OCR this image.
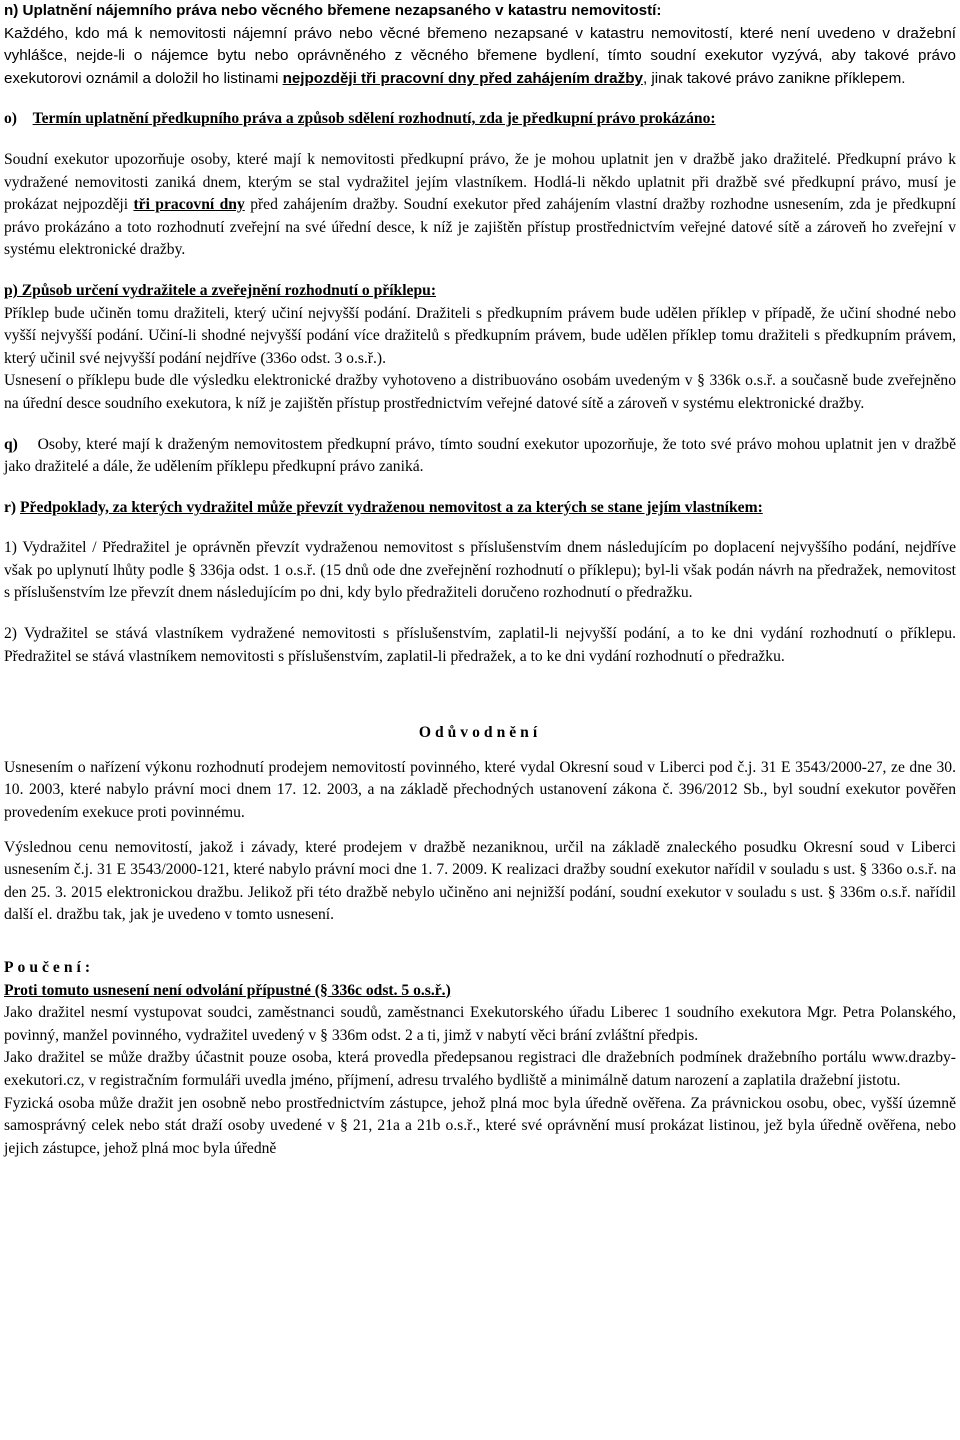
n) Uplatnění nájemního práva nebo věcného břemene nezapsaného v katastru nemovitostí:

Každého, kdo má k nemovitosti nájemní právo nebo věcné břemeno nezapsané v katastru nemovitostí, které není uvedeno v dražební vyhlášce, nejde-li o nájemce bytu nebo oprávněného z věcného břemene bydlení, tímto soudní exekutor vyzývá, aby takové právo exekutorovi oznámil a doložil ho listinami nejpozději tři pracovní dny před zahájením dražby, jinak takové právo zanikne příklepem.

o) Termín uplatnění předkupního práva a způsob sdělení rozhodnutí, zda je předkupní právo prokázáno:

Soudní exekutor upozorňuje osoby, které mají k nemovitosti předkupní právo, že je mohou uplatnit jen v dražbě jako dražitelé. Předkupní právo k vydražené nemovitosti zaniká dnem, kterým se stal vydražitel jejím vlastníkem. Hodlá-li někdo uplatnit při dražbě své předkupní právo, musí je prokázat nejpozději tři pracovní dny před zahájením dražby. Soudní exekutor před zahájením vlastní dražby rozhodne usnesením, zda je předkupní právo prokázáno a toto rozhodnutí zveřejní na své úřední desce, k níž je zajištěn přístup prostřednictvím veřejné datové sítě a zároveň ho zveřejní v systému elektronické dražby.

p) Způsob určení vydražitele a zveřejnění rozhodnutí o příklepu:

Příklep bude učiněn tomu dražiteli, který učiní nejvyšší podání. Dražiteli s předkupním právem bude udělen příklep v případě, že učiní shodné nebo vyšší nejvyšší podání. Učiní-li shodné nejvyšší podání více dražitelů s předkupním právem, bude udělen příklep tomu dražiteli s předkupním právem, který učinil své nejvyšší podání nejdříve (336o odst. 3 o.s.ř.).

Usnesení o příklepu bude dle výsledku elektronické dražby vyhotoveno a distribuováno osobám uvedeným v § 336k o.s.ř. a současně bude zveřejněno na úřední desce soudního exekutora, k níž je zajištěn přístup prostřednictvím veřejné datové sítě a zároveň v systému elektronické dražby.

q) Osoby, které mají k draženým nemovitostem předkupní právo, tímto soudní exekutor upozorňuje, že toto své právo mohou uplatnit jen v dražbě jako dražitelé a dále, že udělením příklepu předkupní právo zaniká.

r) Předpoklady, za kterých vydražitel může převzít vydraženou nemovitost a za kterých se stane jejím vlastníkem:

1) Vydražitel / Předražitel je oprávněn převzít vydraženou nemovitost s příslušenstvím dnem následujícím po doplacení nejvyššího podání, nejdříve však po uplynutí lhůty podle § 336ja odst. 1 o.s.ř. (15 dnů ode dne zveřejnění rozhodnutí o příklepu); byl-li však podán návrh na předražek, nemovitost s příslušenstvím lze převzít dnem následujícím po dni, kdy bylo předražiteli doručeno rozhodnutí o předražku.

2) Vydražitel se stává vlastníkem vydražené nemovitosti s příslušenstvím, zaplatil-li nejvyšší podání, a to ke dni vydání rozhodnutí o příklepu. Předražitel se stává vlastníkem nemovitosti s příslušenstvím, zaplatil-li předražek, a to ke dni vydání rozhodnutí o předražku.

Odůvodnění

Usnesením o nařízení výkonu rozhodnutí prodejem nemovitostí povinného, které vydal Okresní soud v Liberci pod č.j. 31 E 3543/2000-27, ze dne 30. 10. 2003, které nabylo právní moci dnem 17. 12. 2003, a na základě přechodných ustanovení zákona č. 396/2012 Sb., byl soudní exekutor pověřen provedením exekuce proti povinnému.

Výslednou cenu nemovitostí, jakož i závady, které prodejem v dražbě nezaniknou, určil na základě znaleckého posudku Okresní soud v Liberci usnesením č.j. 31 E 3543/2000-121, které nabylo právní moci dne 1. 7. 2009. K realizaci dražby soudní exekutor nařídil v souladu s ust. § 336o o.s.ř. na den 25. 3. 2015 elektronickou dražbu. Jelikož při této dražbě nebylo učiněno ani nejnižší podání, soudní exekutor v souladu s ust. § 336m o.s.ř. nařídil další el. dražbu tak, jak je uvedeno v tomto usnesení.

Poučení:

Proti tomuto usnesení není odvolání přípustné (§ 336c odst. 5 o.s.ř.)

Jako dražitel nesmí vystupovat soudci, zaměstnanci soudů, zaměstnanci Exekutorského úřadu Liberec 1 soudního exekutora Mgr. Petra Polanského, povinný, manžel povinného, vydražitel uvedený v § 336m odst. 2 a ti, jimž v nabytí věci brání zvláštní předpis.

Jako dražitel se může dražby účastnit pouze osoba, která provedla předepsanou registraci dle dražebních podmínek dražebního portálu www.drazby-exekutori.cz, v registračním formuláři uvedla jméno, příjmení, adresu trvalého bydliště a minimálně datum narození a zaplatila dražební jistotu.

Fyzická osoba může dražit jen osobně nebo prostřednictvím zástupce, jehož plná moc byla úředně ověřena. Za právnickou osobu, obec, vyšší územně samosprávný celek nebo stát draží osoby uvedené v § 21, 21a a 21b o.s.ř., které své oprávnění musí prokázat listinou, jež byla úředně ověřena, nebo jejich zástupce, jehož plná moc byla úředně
